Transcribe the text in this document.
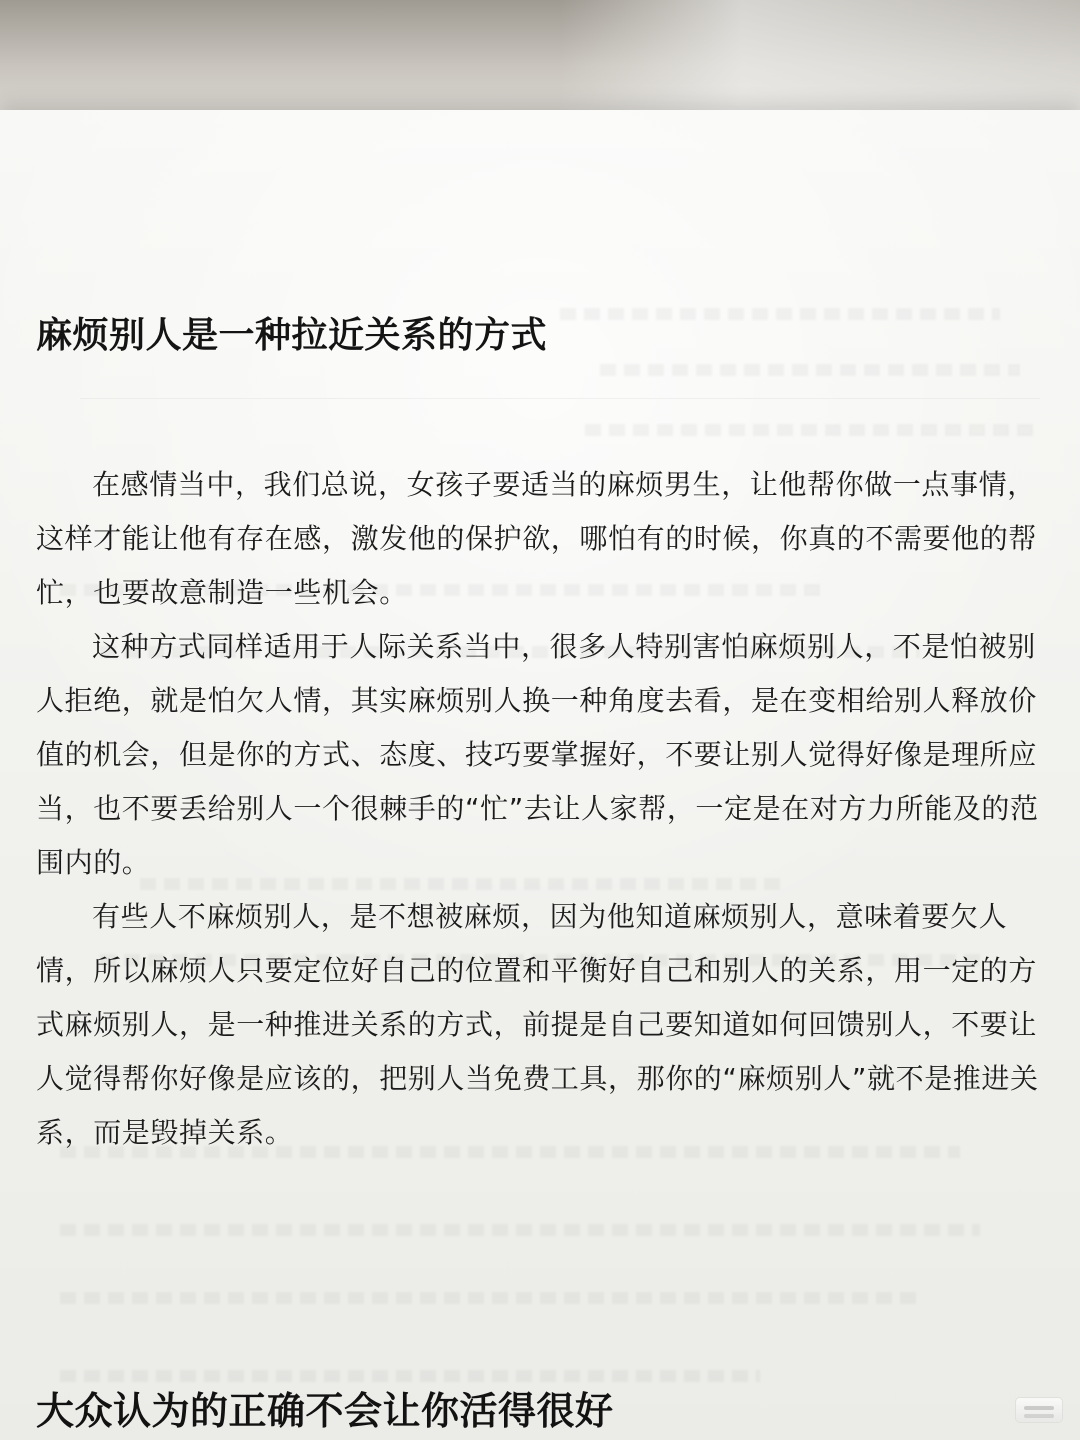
麻烦别人是一种拉近关系的方式

在感情当中，我们总说，女孩子要适当的麻烦男生，让他帮你做一点事情，这样才能让他有存在感，激发他的保护欲，哪怕有的时候，你真的不需要他的帮忙，也要故意制造一些机会。

这种方式同样适用于人际关系当中，很多人特别害怕麻烦别人，不是怕被别人拒绝，就是怕欠人情，其实麻烦别人换一种角度去看，是在变相给别人释放价值的机会，但是你的方式、态度、技巧要掌握好，不要让别人觉得好像是理所应当，也不要丢给别人一个很棘手的“忙”去让人家帮，一定是在对方力所能及的范围内的。

有些人不麻烦别人，是不想被麻烦，因为他知道麻烦别人，意味着要欠人情，所以麻烦人只要定位好自己的位置和平衡好自己和别人的关系，用一定的方式麻烦别人，是一种推进关系的方式，前提是自己要知道如何回馈别人，不要让人觉得帮你好像是应该的，把别人当免费工具，那你的“麻烦别人”就不是推进关系，而是毁掉关系。

大众认为的正确不会让你活得很好
